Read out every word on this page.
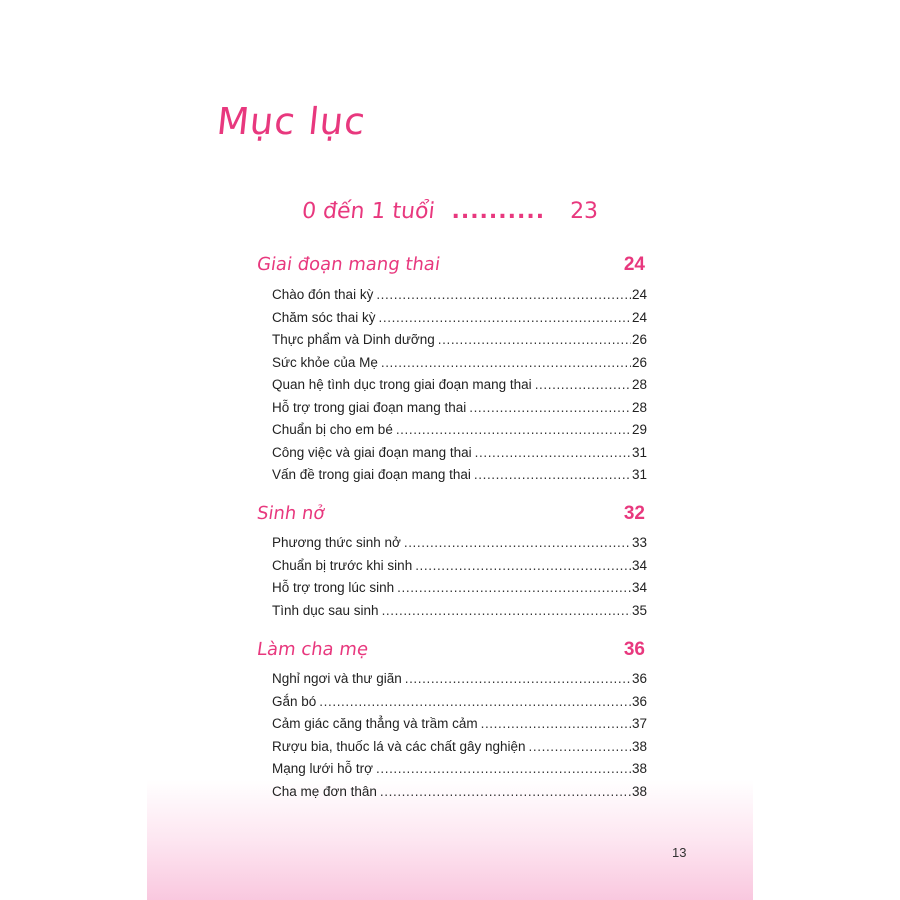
Mục lục
0 đến 1 tuổi .......... 23
Giai đoạn mang thai	24
Chào đón thai kỳ .....	24
Chăm sóc thai kỳ .....	24
Thực phẩm và Dinh dưỡng .....	26
Sức khỏe của Mẹ .....	26
Quan hệ tình dục trong giai đoạn mang thai .....	28
Hỗ trợ trong giai đoạn mang thai .....	28
Chuẩn bị cho em bé .....	29
Công việc và giai đoạn mang thai .....	31
Vấn đề trong giai đoạn mang thai .....	31
Sinh nở	32
Phương thức sinh nở .....	33
Chuẩn bị trước khi sinh .....	34
Hỗ trợ trong lúc sinh .....	34
Tình dục sau sinh .....	35
Làm cha mẹ	36
Nghỉ ngơi và thư giãn .....	36
Gắn bó .....	36
Cảm giác căng thẳng và trầm cảm .....	37
Rượu bia, thuốc lá và các chất gây nghiện .....	38
Mạng lưới hỗ trợ .....	38
Cha mẹ đơn thân .....	38
13
